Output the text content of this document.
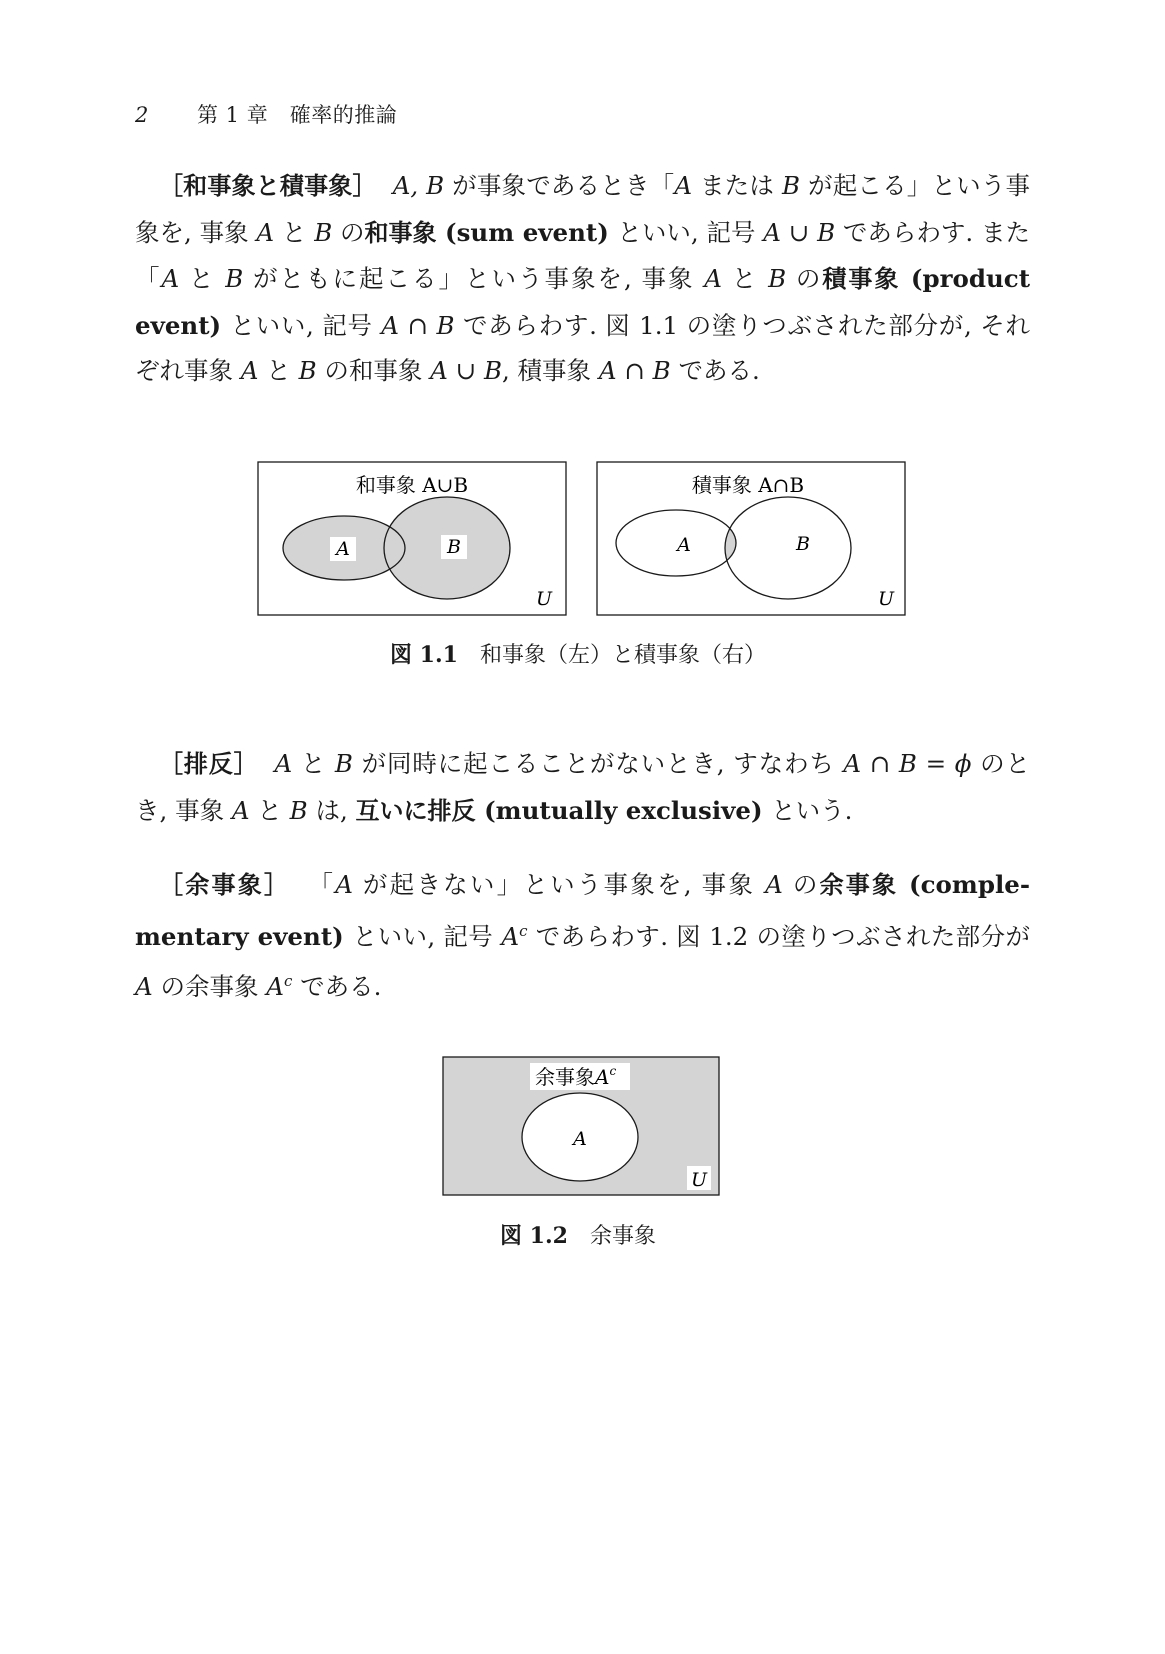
2 第 1 章　確率的推論

［和事象と積事象］ A, B が事象であるとき「A または B が起こる」という事象を, 事象 A と B の和事象 (sum event) といい, 記号 A ∪ B であらわす. また「A と B がともに起こる」という事象を, 事象 A と B の積事象 (product event) といい, 記号 A ∩ B であらわす. 図 1.1 の塗りつぶされた部分が, それぞれ事象 A と B の和事象 A ∪ B, 積事象 A ∩ B である.

和事象 A∪B
A	B
U
積事象 A∩B
A	B
U
余事象$A^c$
A
U
図 1.1 和事象（左）と積事象（右）

［排反］ A と B が同時に起こることがないとき, すなわち A ∩ B = ϕ のとき, 事象 A と B は, 互いに排反 (mutually exclusive) という.

［余事象］ 「A が起きない」という事象を, 事象 A の余事象 (comple-mentary event) といい, 記号 $A^c$ であらわす. 図 1.2 の塗りつぶされた部分が A の余事象 $A^c$ である.

図 1.2 余事象
